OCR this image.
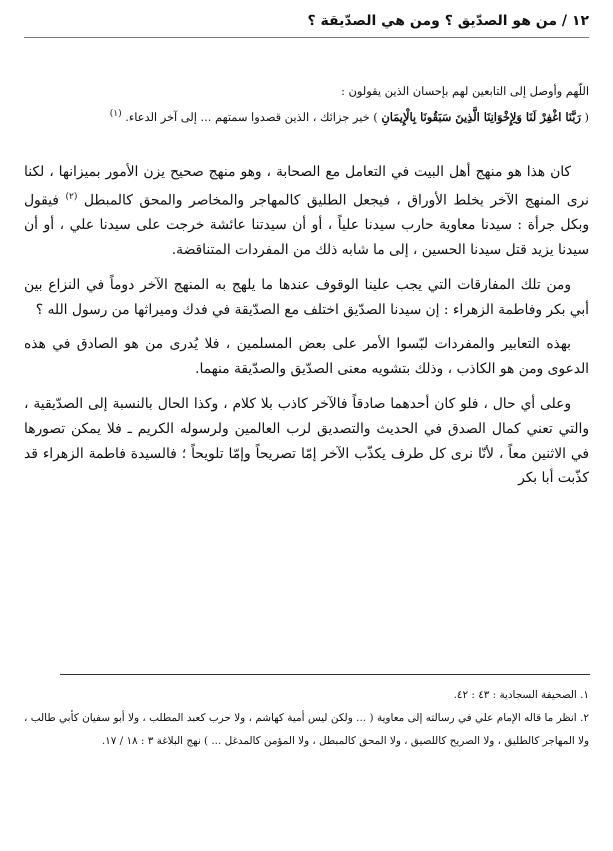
١٢ / من هو الصدّيق ؟ ومن هي الصدّيقة ؟

اللّهم وأوصل إلى التابعين لهم بإحسان الذين يقولون :

( رَبَّنَا اغْفِرْ لَنَا وَلِإِخْوَانِنَا الَّذِينَ سَبَقُونَا بِالْإِيمَانِ ) خير جزائك ، الذين قصدوا سمتهم ... إلى آخر الدعاء. $^{(١)}$

كان هذا هو منهج أهل البيت في التعامل مع الصحابة ، وهو منهج صحيح يزن الأمور بميزانها ، لكنا نرى المنهج الآخر يخلط الأوراق ، فيجعل الطليق كالمهاجر والمخاصر والمحق كالمبطل $^{(٢)}$ فيقول وبكل جرأة : سيدنا معاوية حارب سيدنا علياً ، أو أن سيدتنا عائشة خرجت على سيدنا علي ، أو أن سيدنا يزيد قتل سيدنا الحسين ، إلى ما شابه ذلك من المفردات المتناقضة.

ومن تلك المفارقات التي يجب علينا الوقوف عندها ما يلهج به المنهج الآخر دوماً في النزاع بين أبي بكر وفاطمة الزهراء : إن سيدنا الصدّيق اختلف مع الصدّيقة في فدك وميراثها من رسول الله ؟

بهذه التعابير والمفردات لبّسوا الأمر على بعض المسلمين ، فلا يُدرى من هو الصادق في هذه الدعوى ومن هو الكاذب ، وذلك بتشويه معنى الصدّيق والصدّيقة منهما.

وعلى أي حال ، فلو كان أحدهما صادقاً فالآخر كاذب بلا كلام ، وكذا الحال بالنسبة إلى الصدّيقية ، والتي تعني كمال الصدق في الحديث والتصديق لرب العالمين ولرسوله الكريم ـ فلا يمكن تصورها في الاثنين معاً ، لأنّا نرى كل طرف يكذّب الآخر إمّا تصريحاً وإمّا تلويحاً ؛ فالسيدة فاطمة الزهراء قد كذّبت أبا بكر

١. الصحيفة السجادية : ٤٣ : ٤٢.

٢. انظر ما قاله الإمام علي في رسالته إلى معاوية ( ... ولكن ليس أمية كهاشم ، ولا حرب كعبد المطلب ، ولا أبو سفيان كأبي طالب ، ولا المهاجر كالطليق ، ولا الصريح كاللصيق ، ولا المحق كالمبطل ، ولا المؤمن كالمدغل ... ) نهج البلاغة ٣ : ١٨ / ١٧.
